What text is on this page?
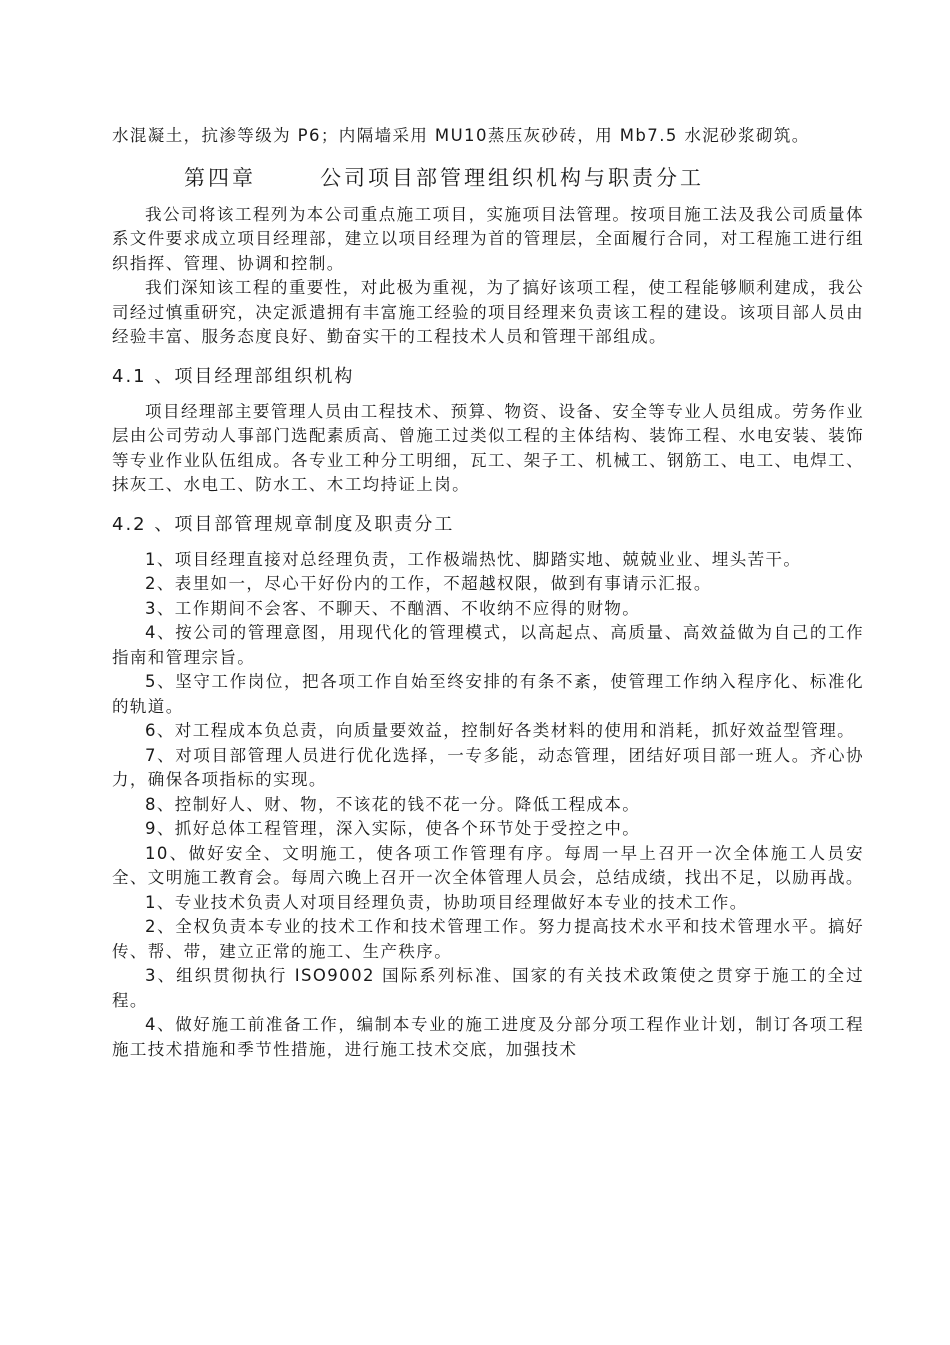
水混凝土，抗渗等级为 P6；内隔墙采用 MU10蒸压灰砂砖，用 Mb7.5 水泥砂浆砌筑。

第四章	公司项目部管理组织机构与职责分工

我公司将该工程列为本公司重点施工项目，实施项目法管理。按项目施工法及我公司质量体系文件要求成立项目经理部，建立以项目经理为首的管理层，全面履行合同，对工程施工进行组织指挥、管理、协调和控制。

我们深知该工程的重要性，对此极为重视，为了搞好该项工程，使工程能够顺利建成，我公司经过慎重研究，决定派遣拥有丰富施工经验的项目经理来负责该工程的建设。该项目部人员由经验丰富、服务态度良好、勤奋实干的工程技术人员和管理干部组成。

4.1 、项目经理部组织机构

项目经理部主要管理人员由工程技术、预算、物资、设备、安全等专业人员组成。劳务作业层由公司劳动人事部门选配素质高、曾施工过类似工程的主体结构、装饰工程、水电安装、装饰等专业作业队伍组成。各专业工种分工明细，瓦工、架子工、机械工、钢筋工、电工、电焊工、抹灰工、水电工、防水工、木工均持证上岗。

4.2 、项目部管理规章制度及职责分工

1、项目经理直接对总经理负责，工作极端热忱、脚踏实地、兢兢业业、埋头苦干。

2、表里如一，尽心干好份内的工作，不超越权限，做到有事请示汇报。

3、工作期间不会客、不聊天、不酗酒、不收纳不应得的财物。

4、按公司的管理意图，用现代化的管理模式，以高起点、高质量、高效益做为自己的工作指南和管理宗旨。

5、坚守工作岗位，把各项工作自始至终安排的有条不紊，使管理工作纳入程序化、标准化的轨道。

6、对工程成本负总责，向质量要效益，控制好各类材料的使用和消耗，抓好效益型管理。

7、对项目部管理人员进行优化选择，一专多能，动态管理，团结好项目部一班人。齐心协力，确保各项指标的实现。

8、控制好人、财、物，不该花的钱不花一分。降低工程成本。

9、抓好总体工程管理，深入实际，使各个环节处于受控之中。

10、做好安全、文明施工，使各项工作管理有序。每周一早上召开一次全体施工人员安全、文明施工教育会。每周六晚上召开一次全体管理人员会，总结成绩，找出不足，以励再战。

1、专业技术负责人对项目经理负责，协助项目经理做好本专业的技术工作。

2、全权负责本专业的技术工作和技术管理工作。努力提高技术水平和技术管理水平。搞好传、帮、带，建立正常的施工、生产秩序。

3、组织贯彻执行 ISO9002 国际系列标准、国家的有关技术政策使之贯穿于施工的全过程。

4、做好施工前准备工作，编制本专业的施工进度及分部分项工程作业计划，制订各项工程施工技术措施和季节性措施，进行施工技术交底，加强技术
